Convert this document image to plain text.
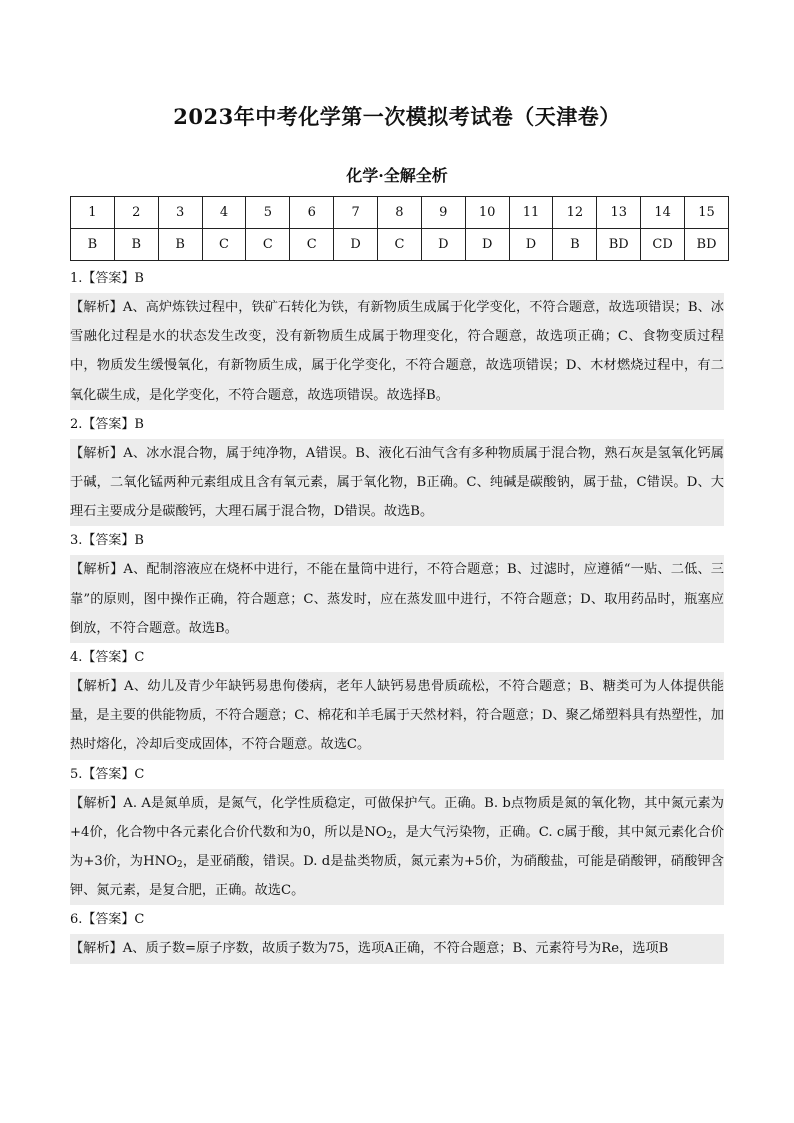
2023年中考化学第一次模拟考试卷（天津卷）
化学·全解全析
1	2	3	4	5	6	7	8	9	10	11	12	13	14	15
B	B	B	C	C	C	D	C	D	D	D	B	BD	CD	BD
1.【答案】B
【解析】A、高炉炼铁过程中，铁矿石转化为铁，有新物质生成属于化学变化，不符合题意，故选项错误；B、冰雪融化过程是水的状态发生改变，没有新物质生成属于物理变化，符合题意，故选项正确；C、食物变质过程中，物质发生缓慢氧化，有新物质生成，属于化学变化，不符合题意，故选项错误；D、木材燃烧过程中，有二氧化碳生成，是化学变化，不符合题意，故选项错误。故选择B。
2.【答案】B
【解析】A、冰水混合物，属于纯净物，A错误。B、液化石油气含有多种物质属于混合物，熟石灰是氢氧化钙属于碱，二氧化锰两种元素组成且含有氧元素，属于氧化物，B正确。C、纯碱是碳酸钠，属于盐，C错误。D、大理石主要成分是碳酸钙，大理石属于混合物，D错误。故选B。
3.【答案】B
【解析】A、配制溶液应在烧杯中进行，不能在量筒中进行，不符合题意；B、过滤时，应遵循“一贴、二低、三靠”的原则，图中操作正确，符合题意；C、蒸发时，应在蒸发皿中进行，不符合题意；D、取用药品时，瓶塞应倒放，不符合题意。故选B。
4.【答案】C
【解析】A、幼儿及青少年缺钙易患佝偻病，老年人缺钙易患骨质疏松，不符合题意；B、糖类可为人体提供能量，是主要的供能物质，不符合题意；C、棉花和羊毛属于天然材料，符合题意；D、聚乙烯塑料具有热塑性，加热时熔化，冷却后变成固体，不符合题意。故选C。
5.【答案】C
【解析】A. A是氮单质，是氮气，化学性质稳定，可做保护气。正确。B. b点物质是氮的氧化物，其中氮元素为+4价，化合物中各元素化合价代数和为0，所以是$NO_2$，是大气污染物，正确。C. c属于酸，其中氮元素化合价为+3价，为$HNO_2$，是亚硝酸，错误。D. d是盐类物质，氮元素为+5价，为硝酸盐，可能是硝酸钾，硝酸钾含钾、氮元素，是复合肥，正确。故选C。
6.【答案】C
【解析】A、质子数=原子序数，故质子数为75，选项A正确，不符合题意；B、元素符号为Re，选项B
